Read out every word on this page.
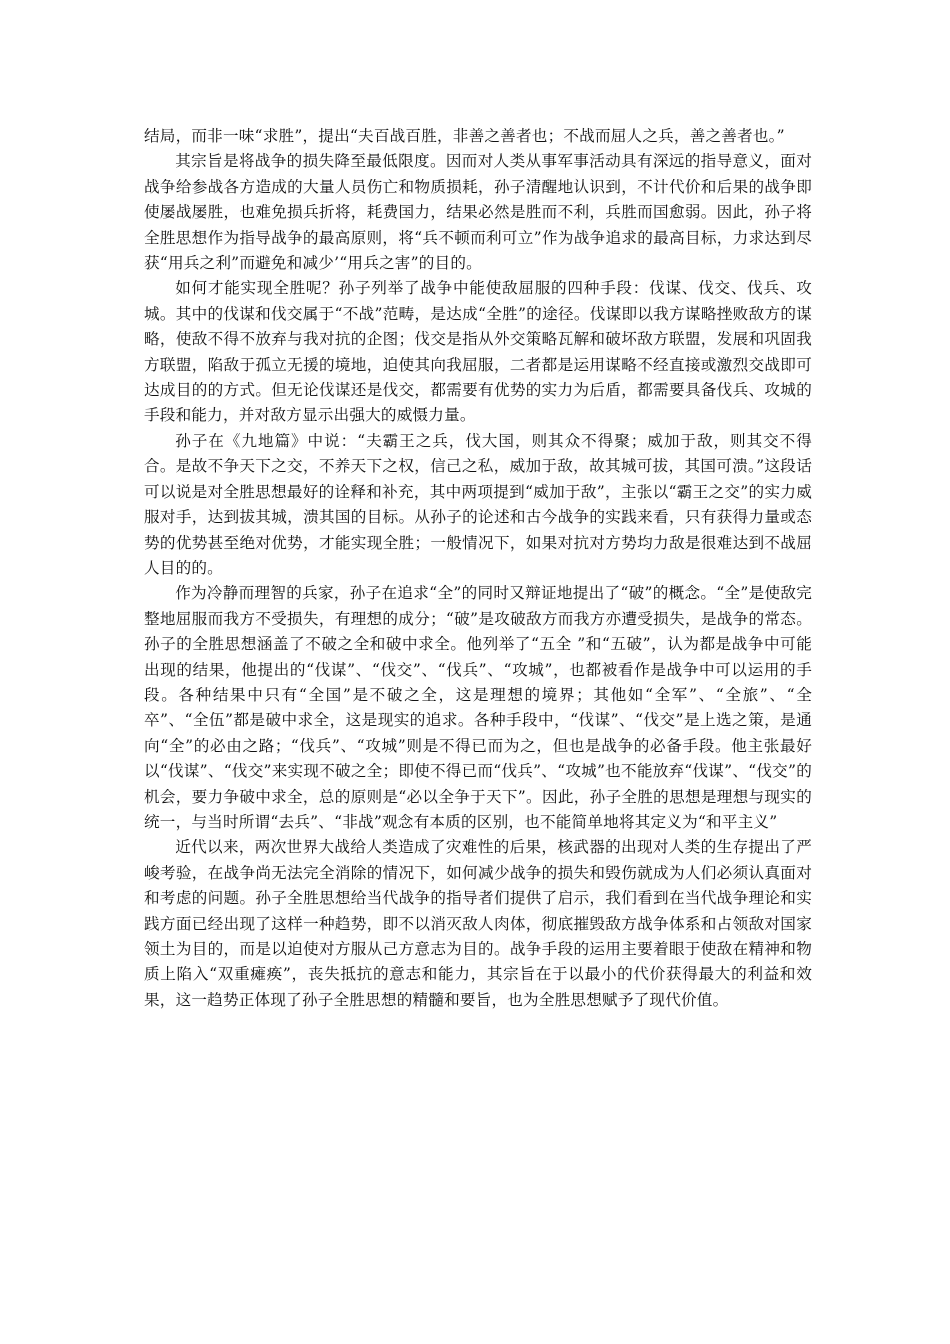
结局，而非一味“求胜”，提出“夫百战百胜，非善之善者也；不战而屈人之兵，善之善者也。”

其宗旨是将战争的损失降至最低限度。因而对人类从事军事活动具有深远的指导意义，面对战争给参战各方造成的大量人员伤亡和物质损耗，孙子清醒地认识到，不计代价和后果的战争即使屡战屡胜，也难免损兵折将，耗费国力，结果必然是胜而不利，兵胜而国愈弱。因此，孙子将全胜思想作为指导战争的最高原则，将“兵不顿而利可立”作为战争追求的最高目标，力求达到尽获“用兵之利”而避免和减少’“用兵之害”的目的。

如何才能实现全胜呢？孙子列举了战争中能使敌屈服的四种手段：伐谋、伐交、伐兵、攻城。其中的伐谋和伐交属于“不战”范畴，是达成“全胜”的途径。伐谋即以我方谋略挫败敌方的谋略，使敌不得不放弃与我对抗的企图；伐交是指从外交策略瓦解和破坏敌方联盟，发展和巩固我方联盟，陷敌于孤立无援的境地，迫使其向我屈服，二者都是运用谋略不经直接或激烈交战即可达成目的的方式。但无论伐谋还是伐交，都需要有优势的实力为后盾，都需要具备伐兵、攻城的手段和能力，并对敌方显示出强大的威慑力量。

孙子在《九地篇》中说：“夫霸王之兵，伐大国，则其众不得聚；威加于敌，则其交不得合。是故不争天下之交，不养天下之权，信己之私，威加于敌，故其城可拔，其国可溃。”这段话可以说是对全胜思想最好的诠释和补充，其中两项提到“威加于敌”，主张以“霸王之交”的实力威服对手，达到拔其城，溃其国的目标。从孙子的论述和古今战争的实践来看，只有获得力量或态势的优势甚至绝对优势，才能实现全胜；一般情况下，如果对抗对方势均力敌是很难达到不战屈人目的的。

作为冷静而理智的兵家，孙子在追求“全”的同时又辩证地提出了“破”的概念。“全”是使敌完整地屈服而我方不受损失，有理想的成分；“破”是攻破敌方而我方亦遭受损失，是战争的常态。孙子的全胜思想涵盖了不破之全和破中求全。他列举了“五全 ”和“五破”，认为都是战争中可能出现的结果，他提出的“伐谋”、“伐交”、“伐兵”、“攻城”，也都被看作是战争中可以运用的手段。各种结果中只有“全国”是不破之全，这是理想的境界；其他如“全军”、“全旅”、“全卒”、“全伍”都是破中求全，这是现实的追求。各种手段中，“伐谋”、“伐交”是上选之策，是通向“全”的必由之路；“伐兵”、“攻城”则是不得已而为之，但也是战争的必备手段。他主张最好以“伐谋”、“伐交”来实现不破之全；即使不得已而“伐兵”、“攻城”也不能放弃“伐谋”、“伐交”的机会，要力争破中求全，总的原则是“必以全争于天下”。因此，孙子全胜的思想是理想与现实的统一，与当时所谓“去兵”、“非战”观念有本质的区别，也不能简单地将其定义为“和平主义”

近代以来，两次世界大战给人类造成了灾难性的后果，核武器的出现对人类的生存提出了严峻考验，在战争尚无法完全消除的情况下，如何减少战争的损失和毁伤就成为人们必须认真面对和考虑的问题。孙子全胜思想给当代战争的指导者们提供了启示，我们看到在当代战争理论和实践方面已经出现了这样一种趋势，即不以消灭敌人肉体，彻底摧毁敌方战争体系和占领敌对国家领土为目的，而是以迫使对方服从己方意志为目的。战争手段的运用主要着眼于使敌在精神和物质上陷入“双重瘫痪”，丧失抵抗的意志和能力，其宗旨在于以最小的代价获得最大的利益和效果，这一趋势正体现了孙子全胜思想的精髓和要旨，也为全胜思想赋予了现代价值。
